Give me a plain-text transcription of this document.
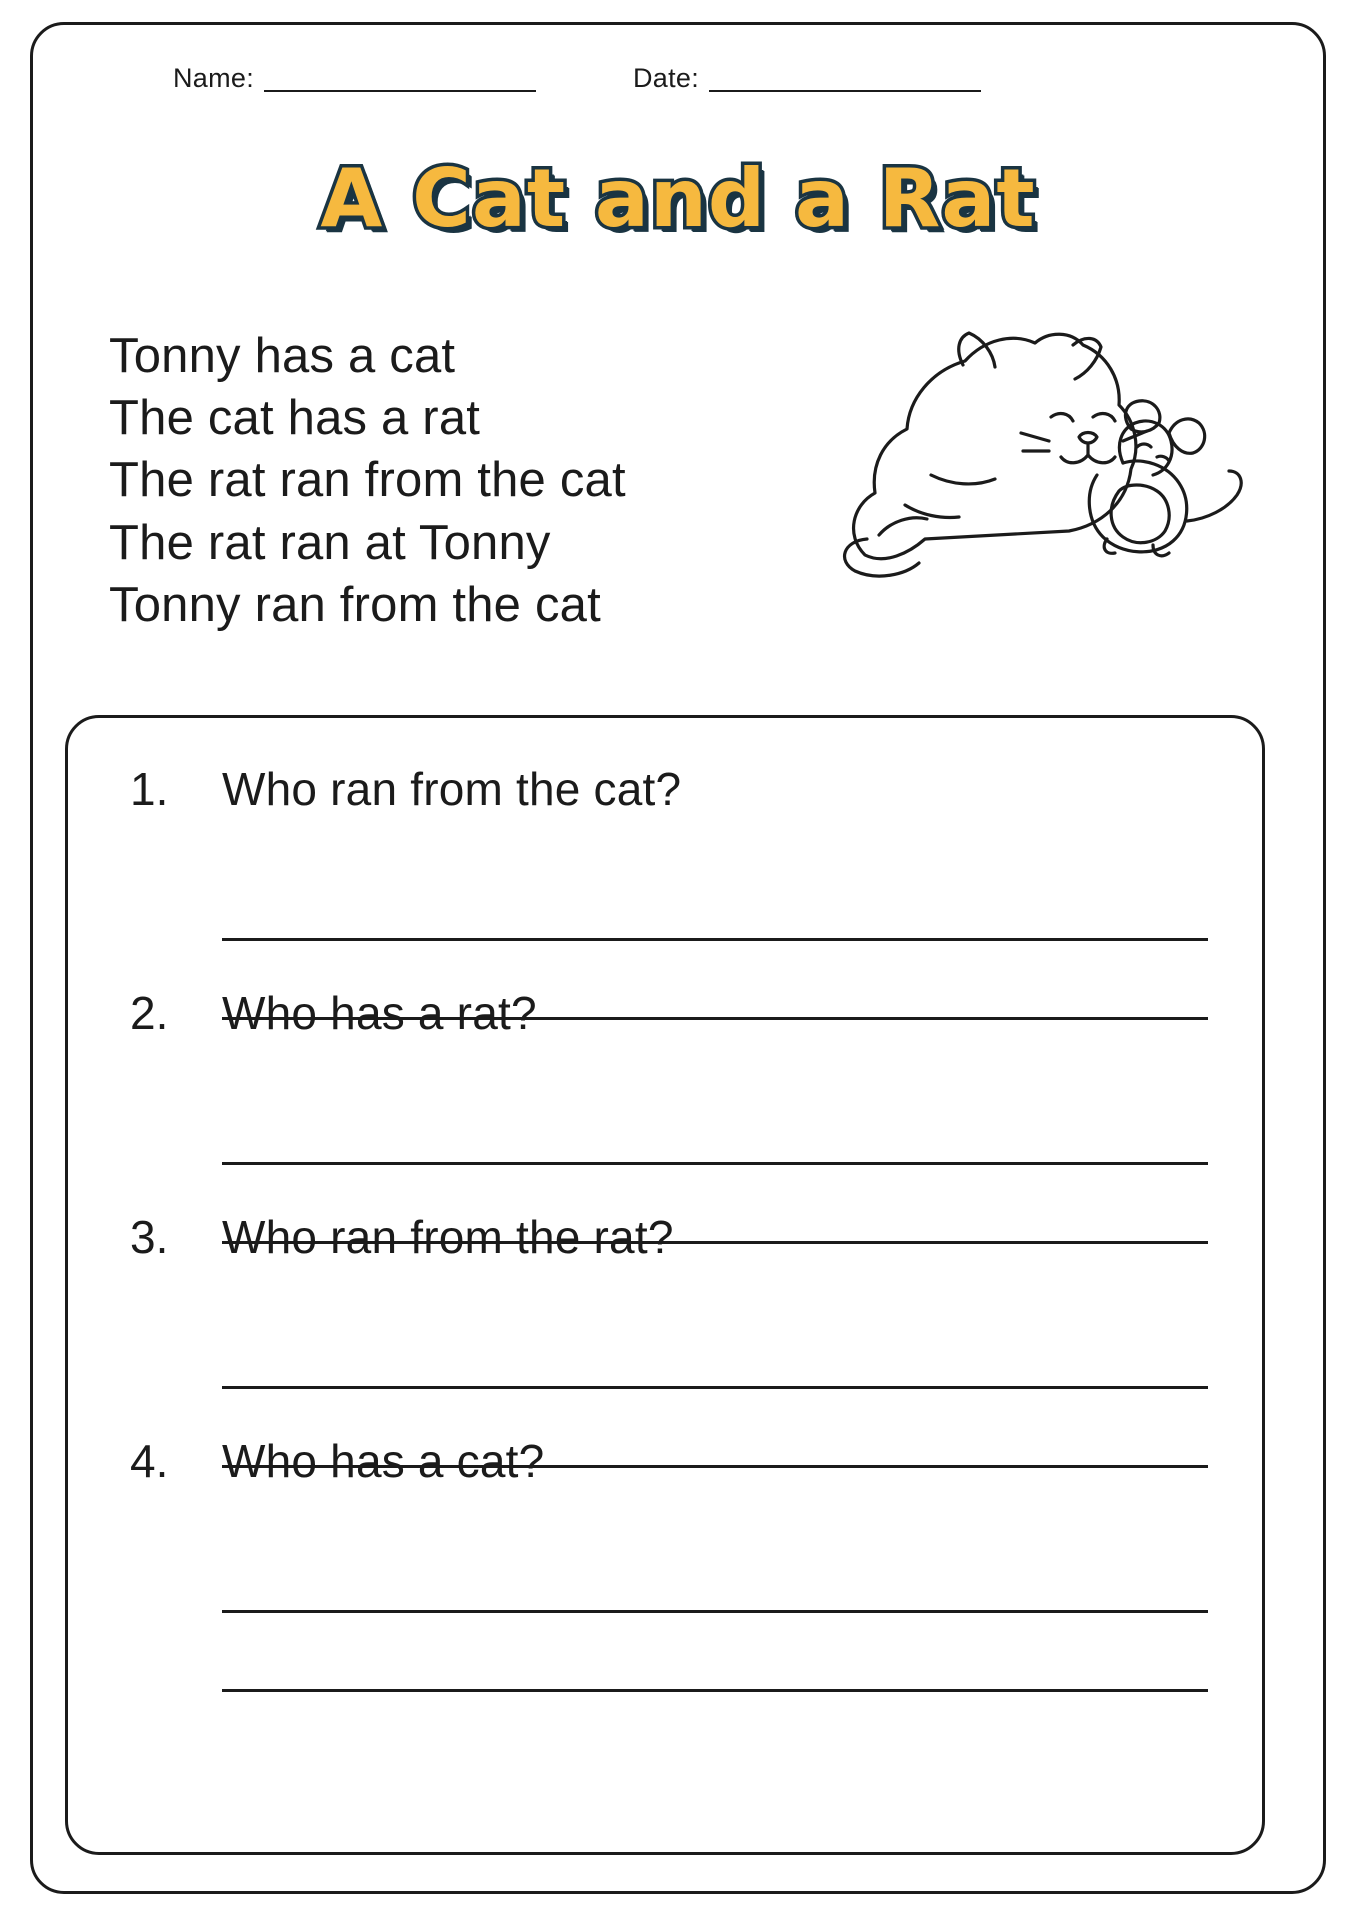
Name:	Date:
A Cat and a Rat
Tonny has a cat
The cat has a rat
The rat ran from the cat
The rat ran at Tonny
Tonny ran from the cat
1.	Who ran from the cat?
2.	Who has a rat?
3.	Who ran from the rat?
4.	Who has a cat?
